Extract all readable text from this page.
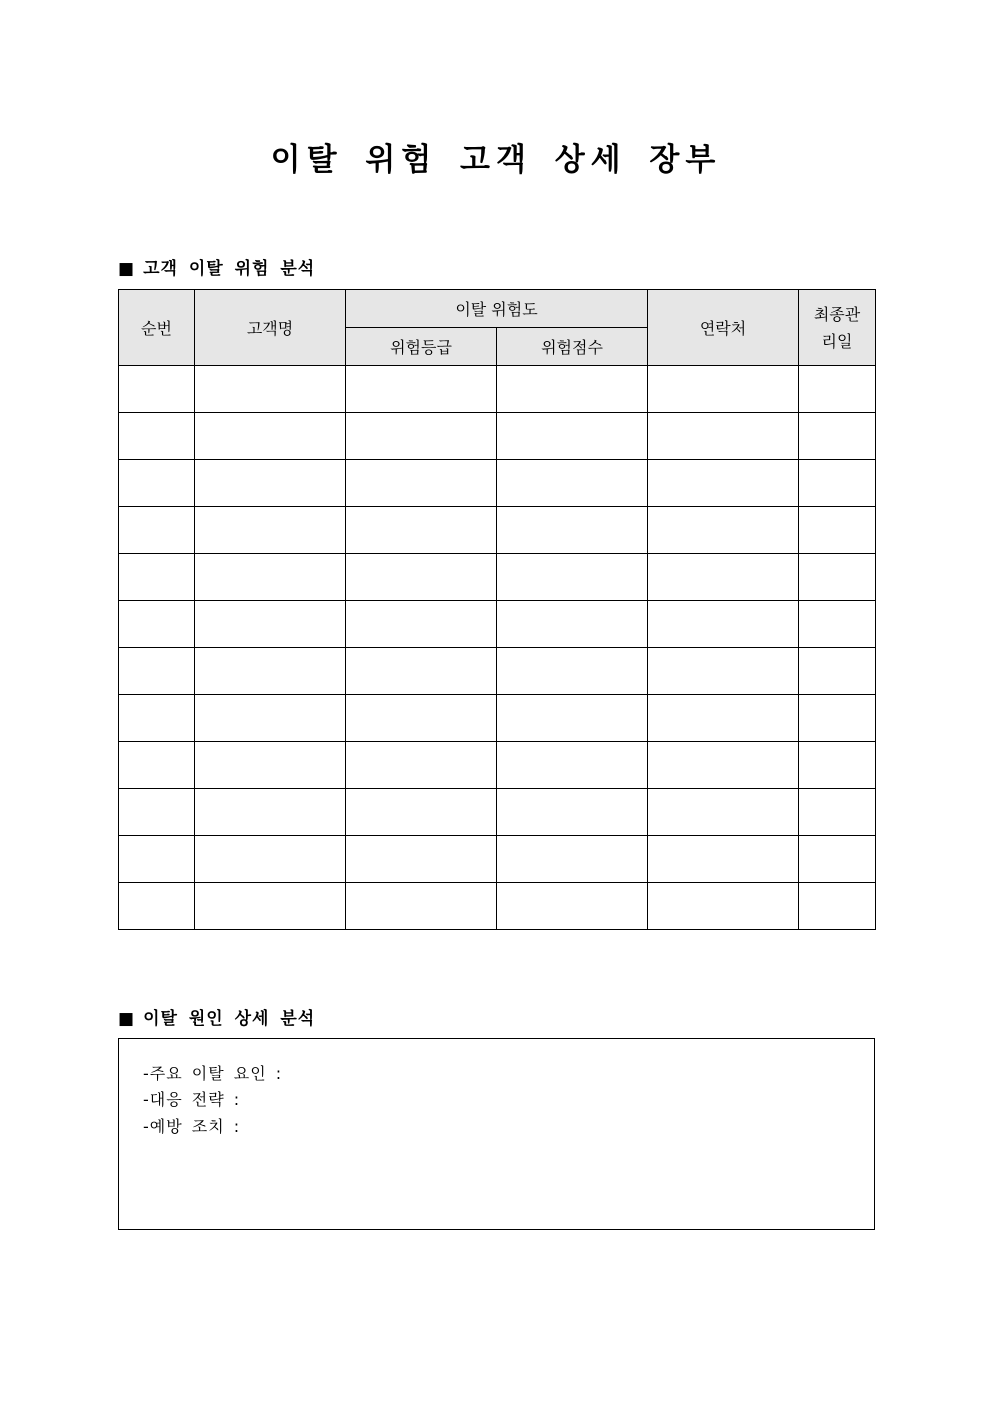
이탈 위험 고객 상세 장부
■ 고객 이탈 위험 분석
순번	고객명	이탈 위험도		연락처	최종관리일
		위험등급	위험점수		

■ 이탈 원인 상세 분석
-주요 이탈 요인 :
-대응 전략 :
-예방 조치 :
